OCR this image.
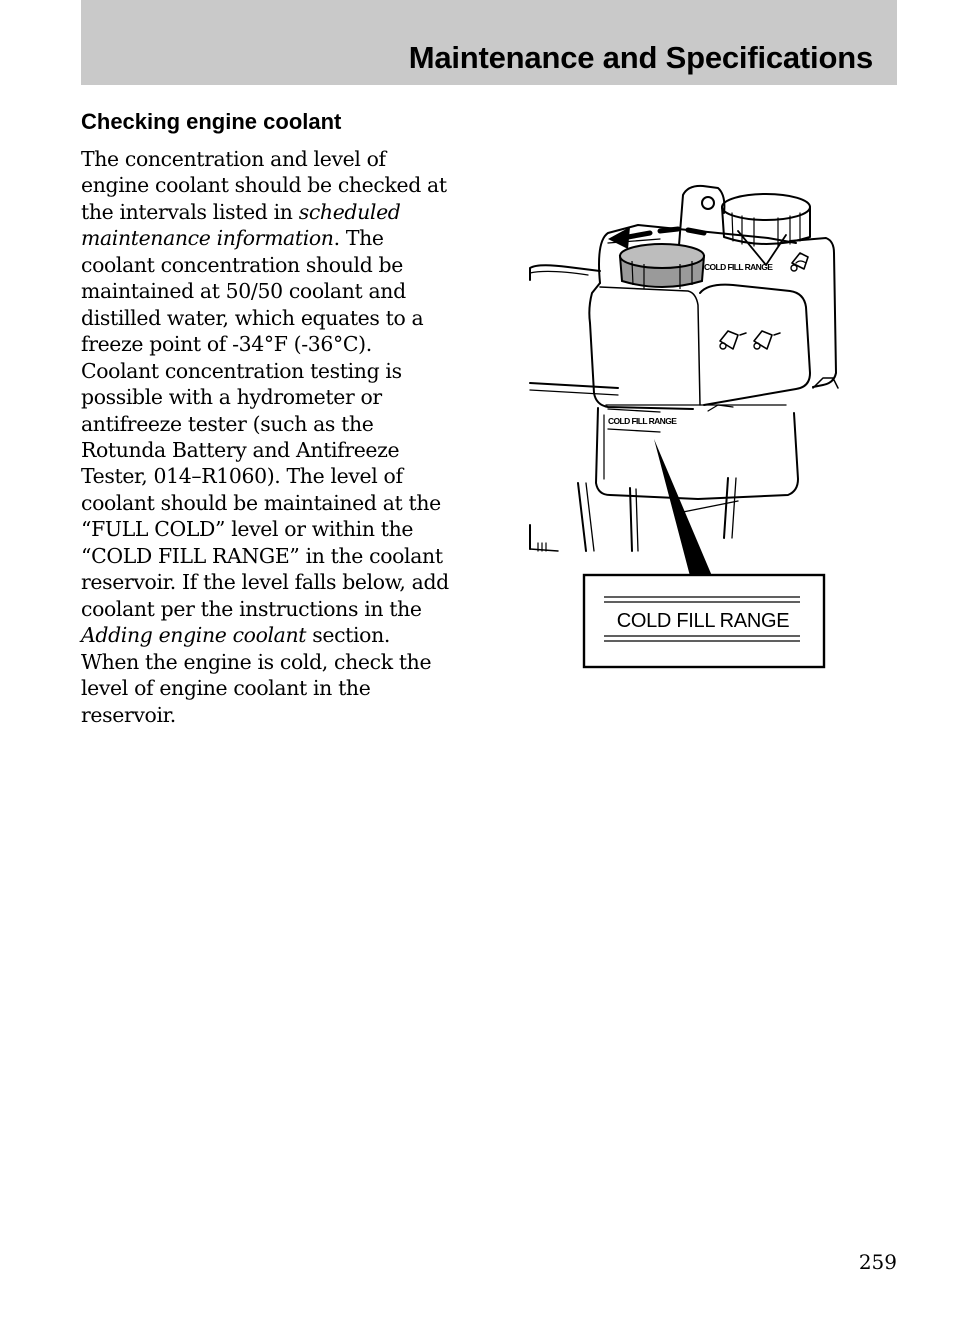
Maintenance and Specifications
Checking engine coolant
The concentration and level of
engine coolant should be checked at
the intervals listed in scheduled
maintenance information. The
coolant concentration should be
maintained at 50/50 coolant and
distilled water, which equates to a
freeze point of -34°F (-36°C).
Coolant concentration testing is
possible with a hydrometer or
antifreeze tester (such as the
Rotunda Battery and Antifreeze
Tester, 014–R1060). The level of
coolant should be maintained at the
“FULL COLD” level or within the
“COLD FILL RANGE” in the coolant
reservoir. If the level falls below, add
coolant per the instructions in the
Adding engine coolant section.
When the engine is cold, check the
level of engine coolant in the
reservoir.
COLD FILL RANGE
COLD FILL RANGE
COLD FILL RANGE
259
